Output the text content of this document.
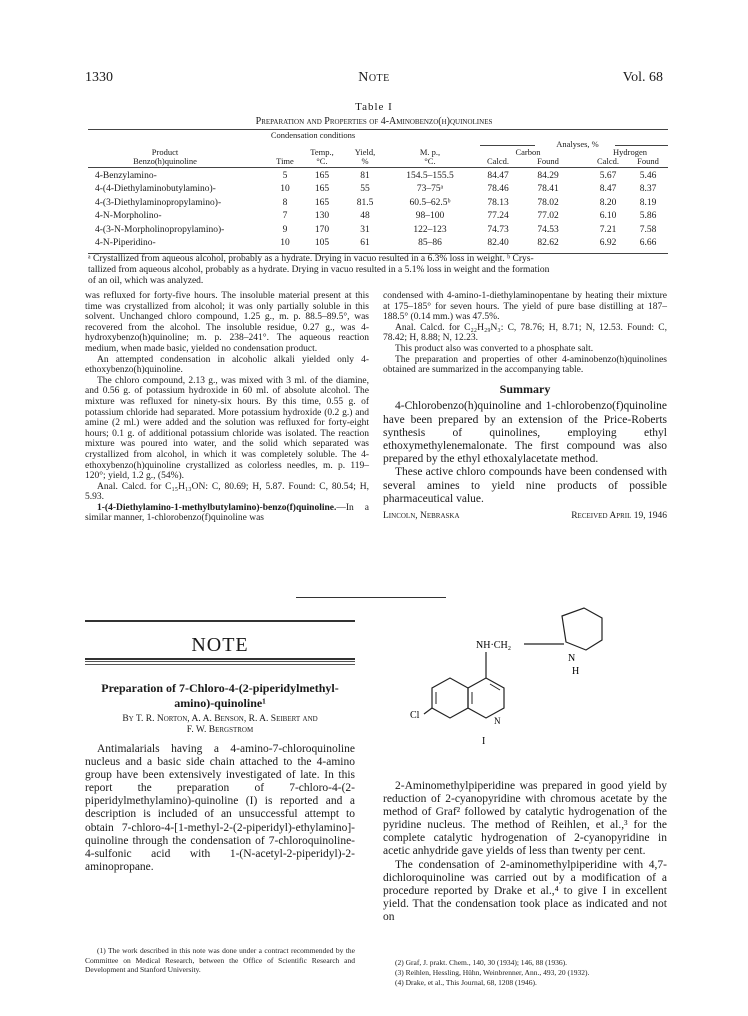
1330	Note	Vol. 68
Table I
Preparation and Properties of 4-Aminobenzo(h)quinolines
Condensation conditions
Analyses, %
Carbon	Hydrogen
Product
Benzo(h)quinoline	Time
Temp.,
°C.
Yield,
%
M. p.,
°C.	Calcd.	Found	Calcd.	Found
4-Benzylamino-	5	165	81	154.5–155.5	84.47	84.29	5.67	5.46
4-(4-Diethylaminobutylamino)-	10	165	55	73–75ᵃ	78.46	78.41	8.47	8.37
4-(3-Diethylaminopropylamino)-	8	165	81.5	60.5–62.5ᵇ	78.13	78.02	8.20	8.19
4-N-Morpholino-	7	130	48	98–100	77.24	77.02	6.10	5.86
4-(3-N-Morpholinopropylamino)-	9	170	31	122–123	74.73	74.53	7.21	7.58
4-N-Piperidino-	10	105	61	85–86	82.40	82.62	6.92	6.66
ᵃ Crystallized from aqueous alcohol, probably as a hydrate. Drying in vacuo resulted in a 6.3% loss in weight. ᵇ Crys-
tallized from aqueous alcohol, probably as a hydrate. Drying in vacuo resulted in a 5.1% loss in weight and the formation
of an oil, which was analyzed.

was refluxed for forty-five hours. The insoluble material present at this time was crystallized from alcohol; it was only partially soluble in this solvent. Unchanged chloro compound, 1.25 g., m. p. 88.5–89.5°, was recovered from the alcohol. The insoluble residue, 0.27 g., was 4-hydroxybenzo(h)quinoline; m. p. 238–241°. The aqueous reaction medium, when made basic, yielded no condensation product.

An attempted condensation in alcoholic alkali yielded only 4-ethoxybenzo(h)quinoline.

The chloro compound, 2.13 g., was mixed with 3 ml. of the diamine, and 0.56 g. of potassium hydroxide in 60 ml. of absolute alcohol. The mixture was refluxed for ninety-six hours. By this time, 0.55 g. of potassium chloride had separated. More potassium hydroxide (0.2 g.) and amine (2 ml.) were added and the solution was refluxed for forty-eight hours; 0.1 g. of additional potassium chloride was isolated. The reaction mixture was poured into water, and the solid which separated was crystallized from alcohol, in which it was completely soluble. The 4-ethoxybenzo(h)quinoline crystallized as colorless needles, m. p. 119–120°; yield, 1.2 g., (54%).

Anal. Calcd. for C₁₅H₁₃ON: C, 80.69; H, 5.87. Found: C, 80.54; H, 5.93.

1-(4-Diethylamino-1-methylbutylamino)-benzo(f)quinoline.—In a similar manner, 1-chlorobenzo(f)quinoline was

condensed with 4-amino-1-diethylaminopentane by heating their mixture at 175–185° for seven hours. The yield of pure base distilling at 187–188.5° (0.14 mm.) was 47.5%.

Anal. Calcd. for C₂₂H₂₉N₃: C, 78.76; H, 8.71; N, 12.53. Found: C, 78.42; H, 8.88; N, 12.23.

This product also was converted to a phosphate salt.

The preparation and properties of other 4-aminobenzo(h)quinolines obtained are summarized in the accompanying table.

Summary

4-Chlorobenzo(h)quinoline and 1-chlorobenzo(f)quinoline have been prepared by an extension of the Price-Roberts synthesis of quinolines, employing ethyl ethoxymethylenemalonate. The first compound was also prepared by the ethyl ethoxalylacetate method.

These active chloro compounds have been condensed with several amines to yield nine products of possible pharmaceutical value.

Lincoln, Nebraska	Received April 19, 1946
NOTE
Preparation of 7-Chloro-4-(2-piperidylmethyl-
amino)-quinoline¹
By T. R. Norton, A. A. Benson, R. A. Seibert and
F. W. Bergstrom

Antimalarials having a 4-amino-7-chloroquinoline nucleus and a basic side chain attached to the 4-amino group have been extensively investigated of late. In this report the preparation of 7-chloro-4-(2-piperidylmethylamino)-quinoline (I) is reported and a description is included of an unsuccessful attempt to obtain 7-chloro-4-[1-methyl-2-(2-piperidyl)-ethylamino]-quinoline through the condensation of 7-chloroquinoline-4-sulfonic acid with 1-(N-acetyl-2-piperidyl)-2-aminopropane.

(1) The work described in this note was done under a contract recommended by the Committee on Medical Research, between the Office of Scientific Research and Development and Stanford University.

NH·CH₂
N
H
N
Cl
I

2-Aminomethylpiperidine was prepared in good yield by reduction of 2-cyanopyridine with chromous acetate by the method of Graf² followed by catalytic hydrogenation of the pyridine nucleus. The method of Reihlen, et al.,³ for the complete catalytic hydrogenation of 2-cyanopyridine in acetic anhydride gave yields of less than twenty per cent.

The condensation of 2-aminomethylpiperidine with 4,7-dichloroquinoline was carried out by a modification of a procedure reported by Drake et al.,⁴ to give I in excellent yield. That the condensation took place as indicated and not on

(2) Graf, J. prakt. Chem., 140, 30 (1934); 146, 88 (1936).
(3) Reihlen, Hessling, Hühn, Weinbrenner, Ann., 493, 20 (1932).
(4) Drake, et al., This Journal, 68, 1208 (1946).
